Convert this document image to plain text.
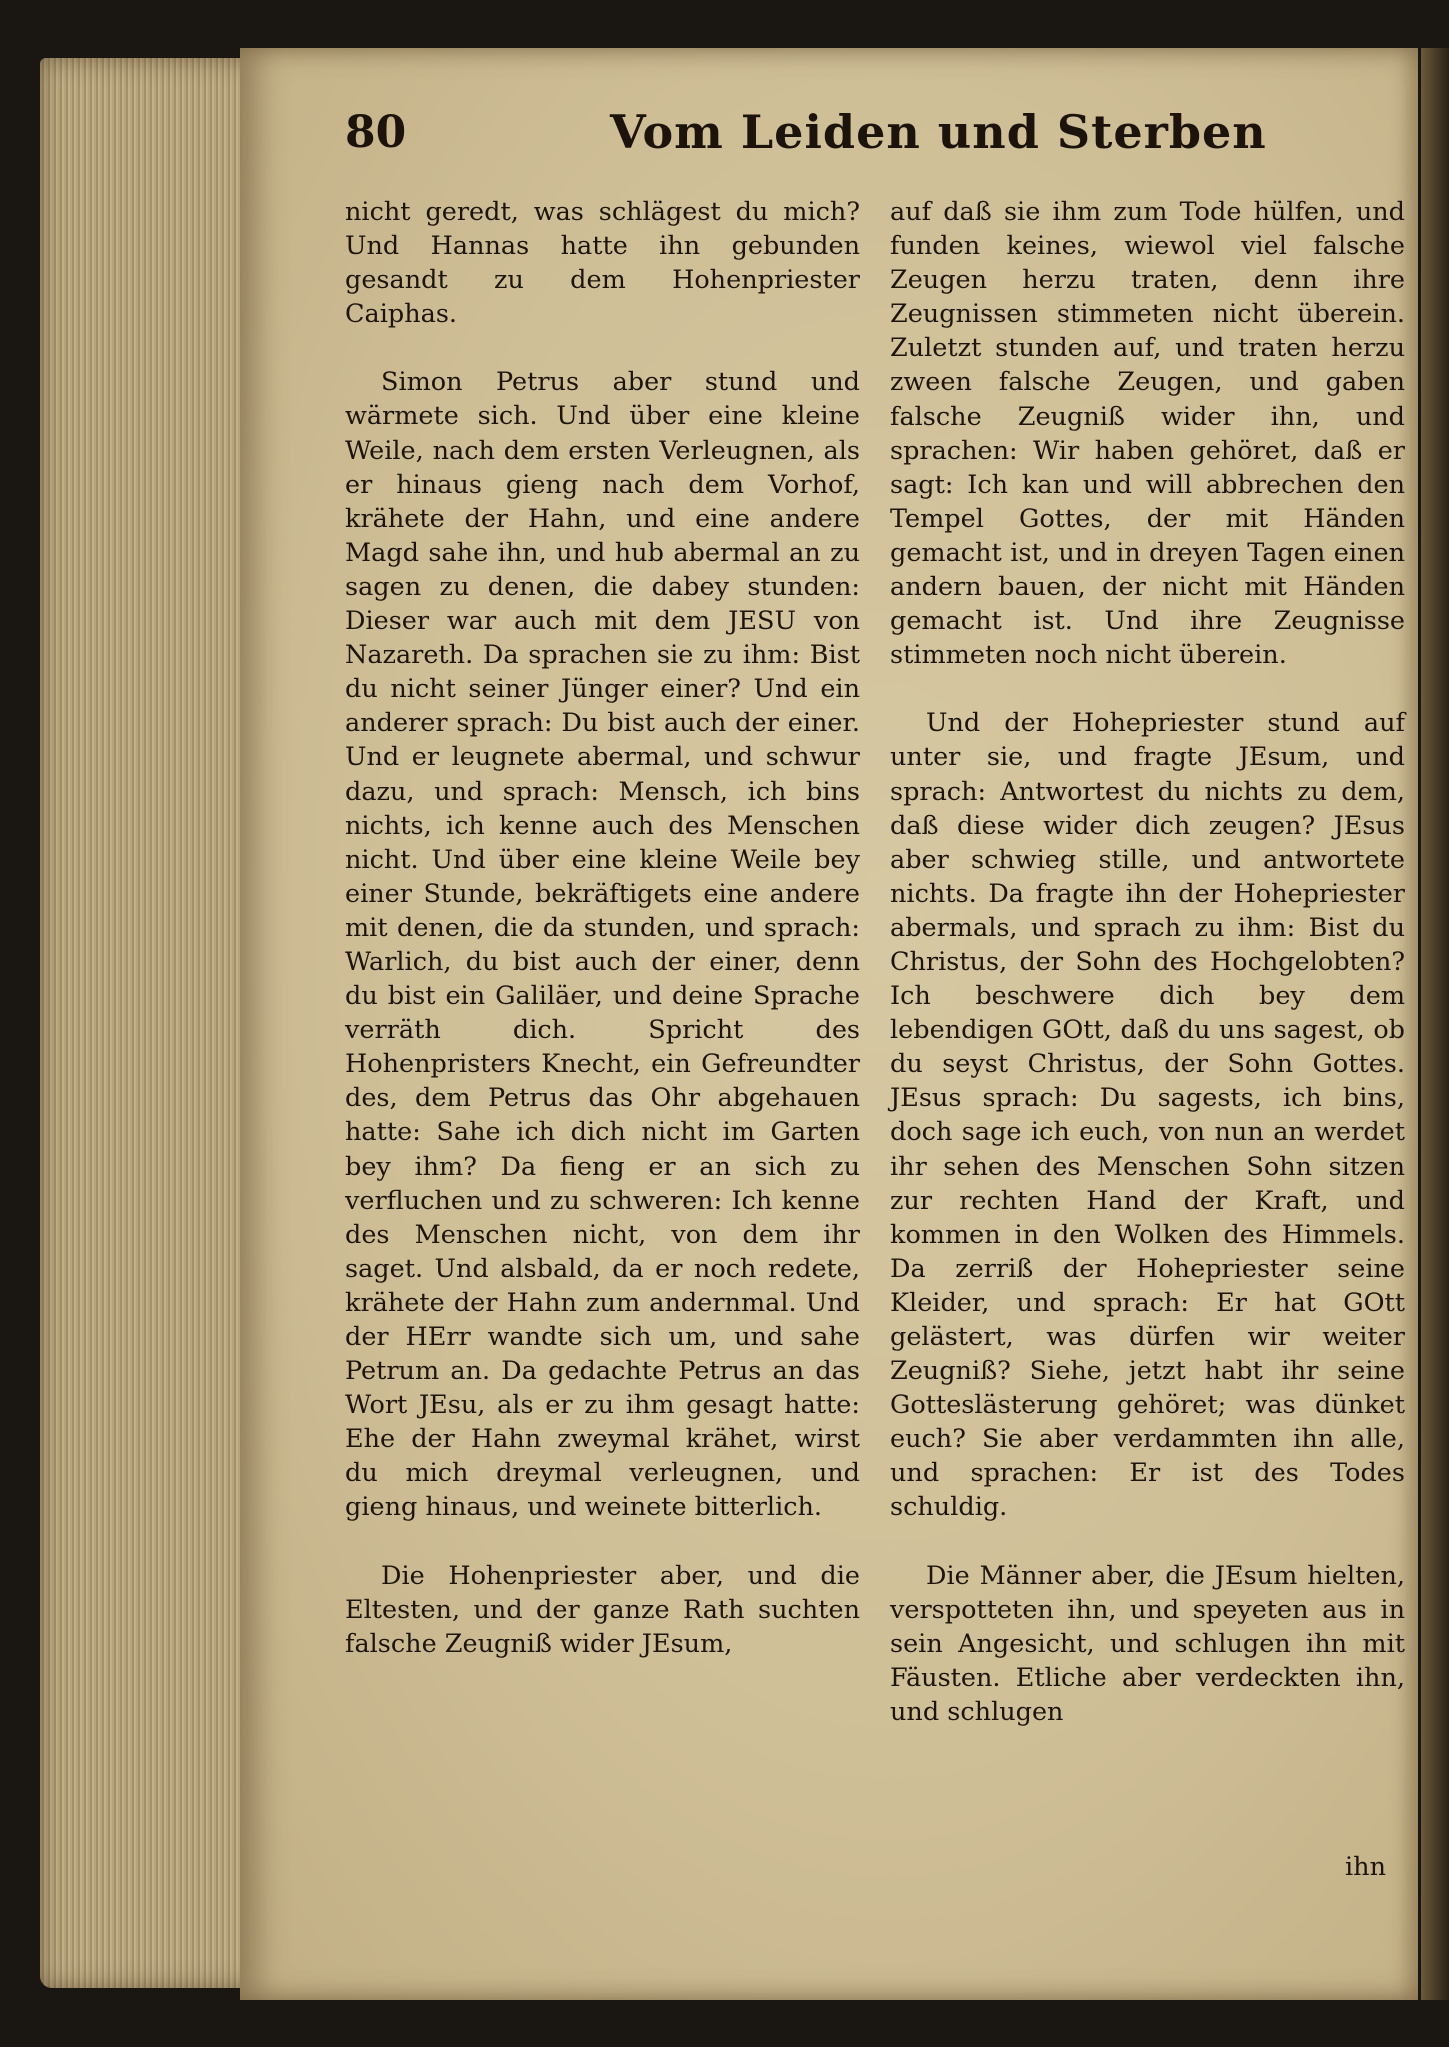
80	Vom Leiden und Sterben

nicht geredt, was schlägest du mich? Und Hannas hatte ihn gebunden gesandt zu dem Hohenpriester Caiphas.

Simon Petrus aber stund und wärmete sich. Und über eine kleine Weile, nach dem ersten Verleugnen, als er hinaus gieng nach dem Vorhof, krähete der Hahn, und eine andere Magd sahe ihn, und hub abermal an zu sagen zu denen, die dabey stunden: Dieser war auch mit dem JESU von Nazareth. Da sprachen sie zu ihm: Bist du nicht seiner Jünger einer? Und ein anderer sprach: Du bist auch der einer. Und er leugnete abermal, und schwur dazu, und sprach: Mensch, ich bins nichts, ich kenne auch des Menschen nicht. Und über eine kleine Weile bey einer Stunde, bekräftigets eine andere mit denen, die da stunden, und sprach: Warlich, du bist auch der einer, denn du bist ein Galiläer, und deine Sprache verräth dich. Spricht des Hohenpristers Knecht, ein Gefreundter des, dem Petrus das Ohr abgehauen hatte: Sahe ich dich nicht im Garten bey ihm? Da fieng er an sich zu verfluchen und zu schweren: Ich kenne des Menschen nicht, von dem ihr saget. Und alsbald, da er noch redete, krähete der Hahn zum andernmal. Und der HErr wandte sich um, und sahe Petrum an. Da gedachte Petrus an das Wort JEsu, als er zu ihm gesagt hatte: Ehe der Hahn zweymal krähet, wirst du mich dreymal verleugnen, und gieng hinaus, und weinete bitterlich.

Die Hohenpriester aber, und die Eltesten, und der ganze Rath suchten falsche Zeugniß wider JEsum,

auf daß sie ihm zum Tode hülfen, und funden keines, wiewol viel falsche Zeugen herzu traten, denn ihre Zeugnissen stimmeten nicht überein. Zuletzt stunden auf, und traten herzu zween falsche Zeugen, und gaben falsche Zeugniß wider ihn, und sprachen: Wir haben gehöret, daß er sagt: Ich kan und will abbrechen den Tempel Gottes, der mit Händen gemacht ist, und in dreyen Tagen einen andern bauen, der nicht mit Händen gemacht ist. Und ihre Zeugnisse stimmeten noch nicht überein.

Und der Hohepriester stund auf unter sie, und fragte JEsum, und sprach: Antwortest du nichts zu dem, daß diese wider dich zeugen? JEsus aber schwieg stille, und antwortete nichts. Da fragte ihn der Hohepriester abermals, und sprach zu ihm: Bist du Christus, der Sohn des Hochgelobten? Ich beschwere dich bey dem lebendigen GOtt, daß du uns sagest, ob du seyst Christus, der Sohn Gottes. JEsus sprach: Du sagests, ich bins, doch sage ich euch, von nun an werdet ihr sehen des Menschen Sohn sitzen zur rechten Hand der Kraft, und kommen in den Wolken des Himmels. Da zerriß der Hohepriester seine Kleider, und sprach: Er hat GOtt gelästert, was dürfen wir weiter Zeugniß? Siehe, jetzt habt ihr seine Gotteslästerung gehöret; was dünket euch? Sie aber verdammten ihn alle, und sprachen: Er ist des Todes schuldig.

Die Männer aber, die JEsum hielten, verspotteten ihn, und speyeten aus in sein Angesicht, und schlugen ihn mit Fäusten. Etliche aber verdeckten ihn, und schlugen

ihn
